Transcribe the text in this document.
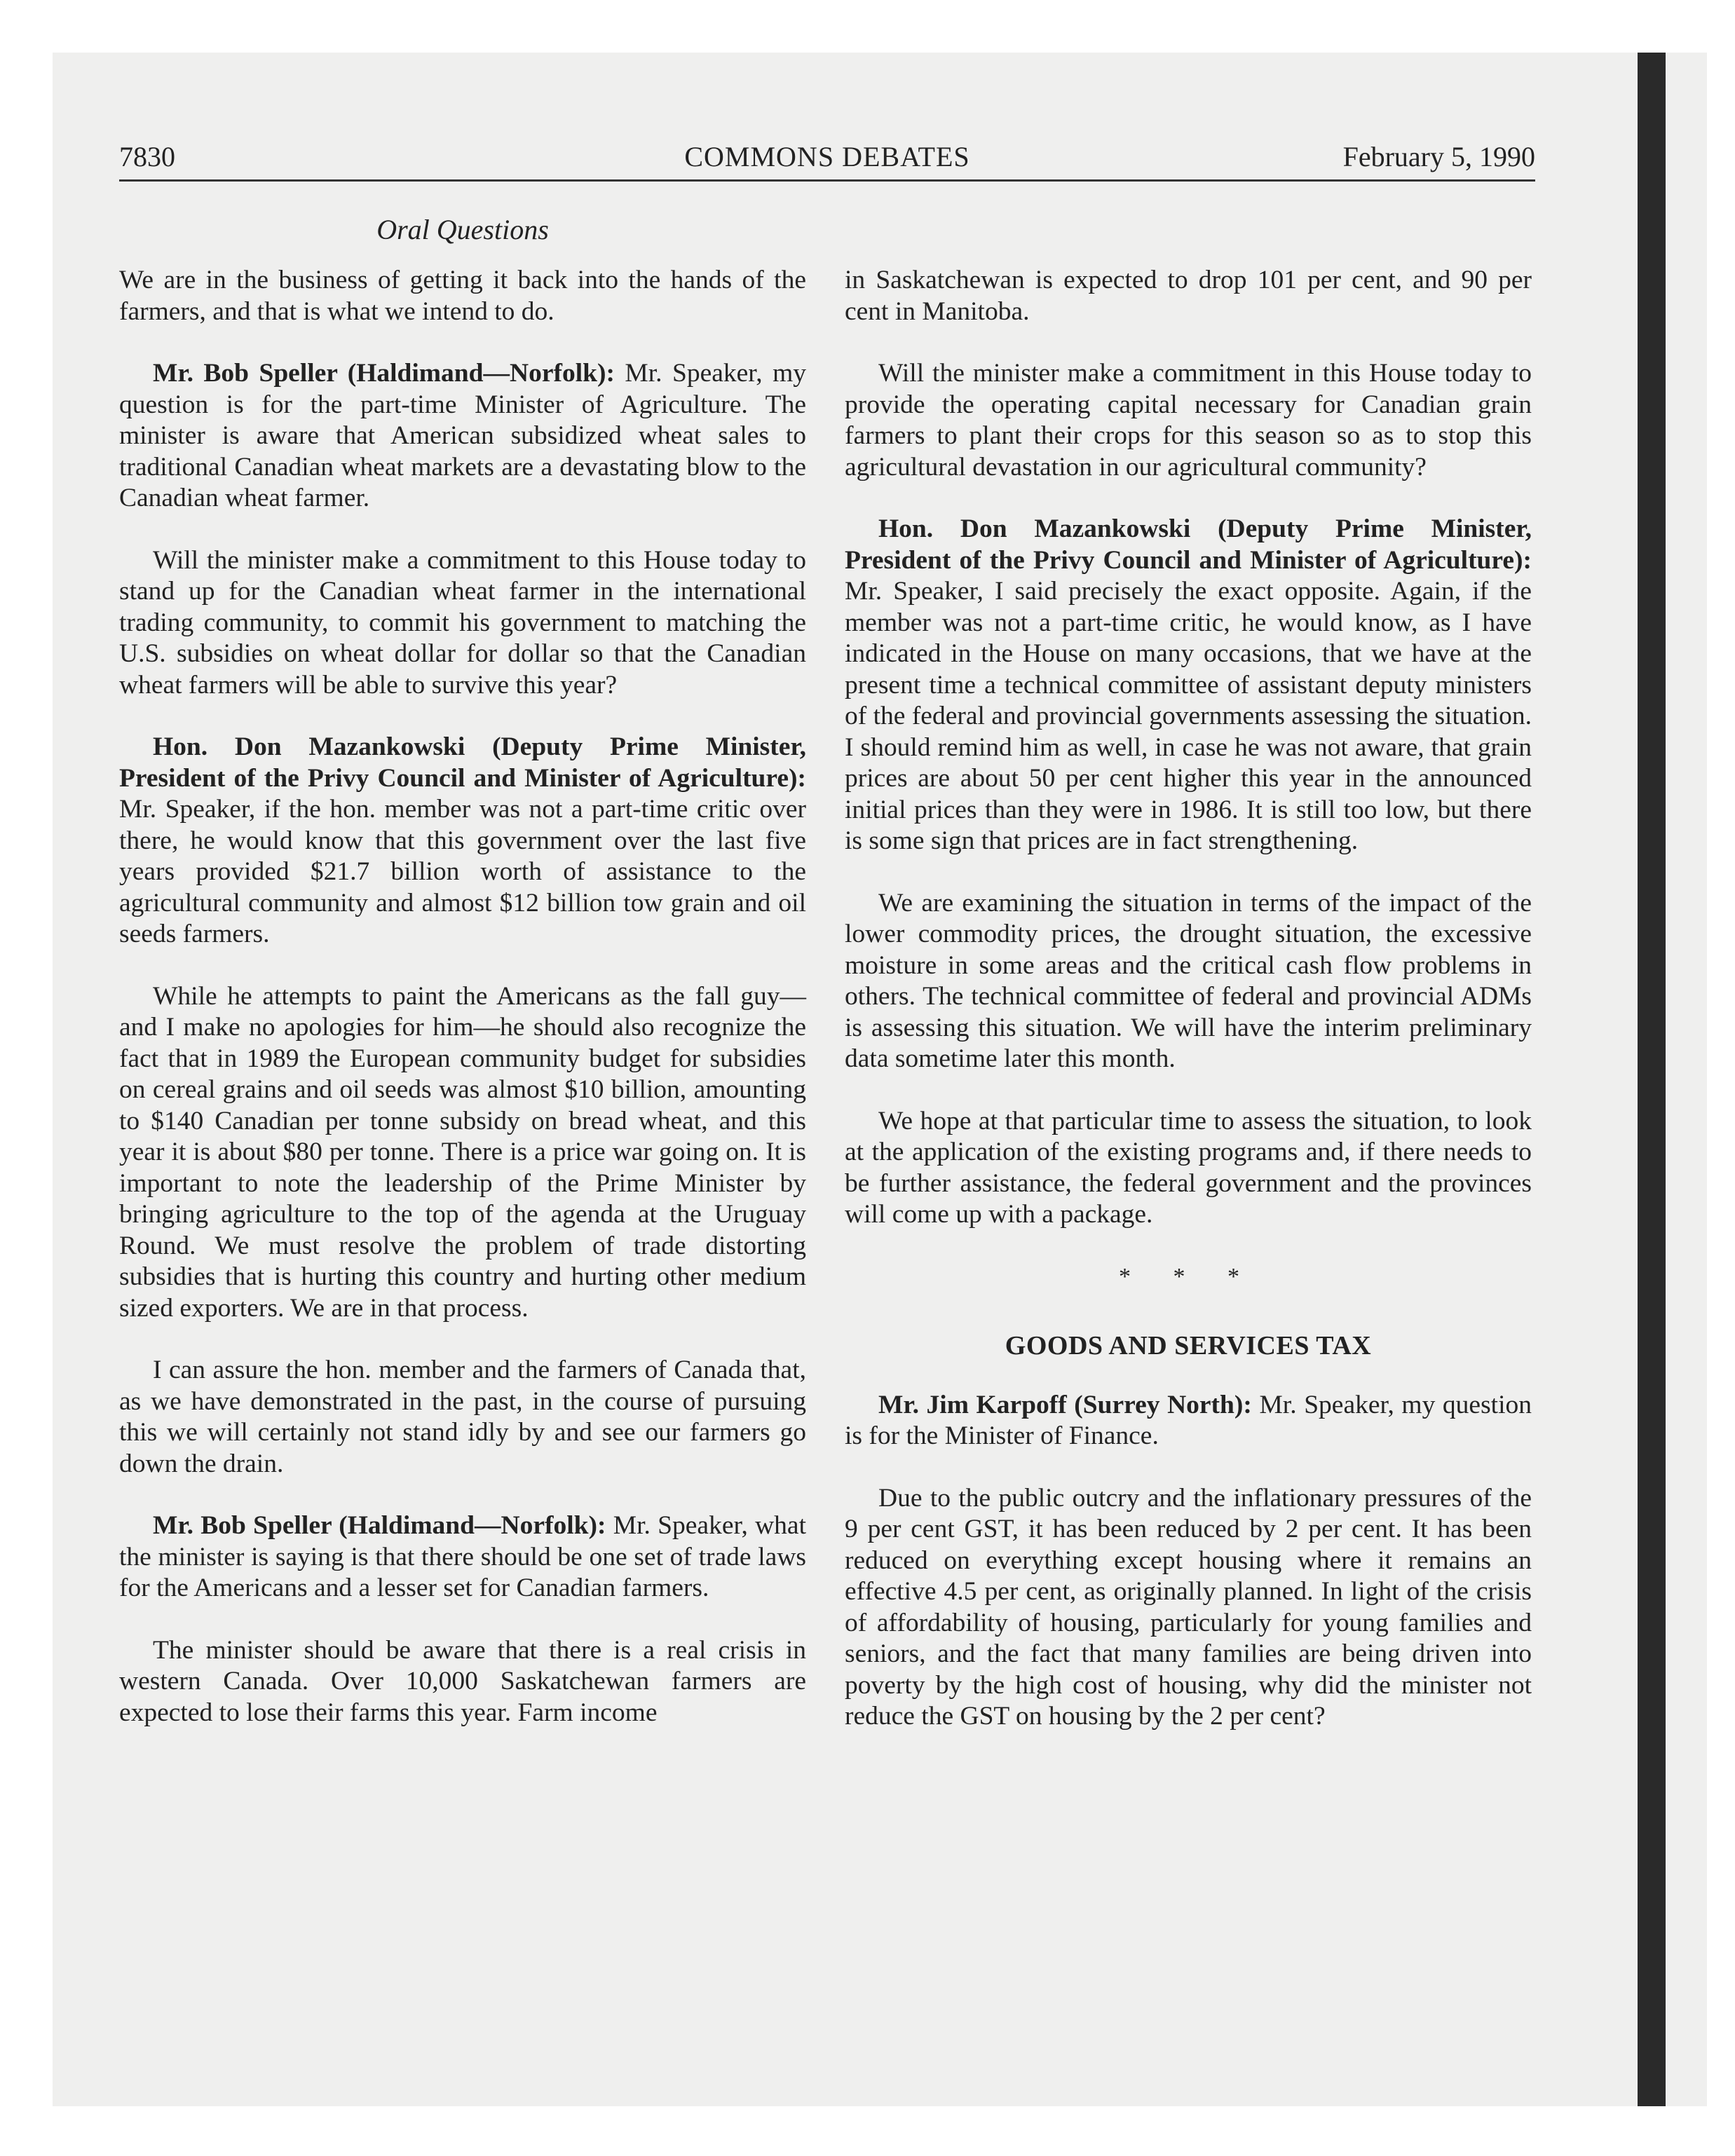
7830	COMMONS DEBATES	February 5, 1990
Oral Questions

We are in the business of getting it back into the hands of the farmers, and that is what we intend to do.

Mr. Bob Speller (Haldimand—Norfolk): Mr. Speaker, my question is for the part-time Minister of Agriculture. The minister is aware that American subsidized wheat sales to traditional Canadian wheat markets are a devastating blow to the Canadian wheat farmer.

Will the minister make a commitment to this House today to stand up for the Canadian wheat farmer in the international trading community, to commit his government to matching the U.S. subsidies on wheat dollar for dollar so that the Canadian wheat farmers will be able to survive this year?

Hon. Don Mazankowski (Deputy Prime Minister, President of the Privy Council and Minister of Agriculture): Mr. Speaker, if the hon. member was not a part-time critic over there, he would know that this government over the last five years provided $21.7 billion worth of assistance to the agricultural community and almost $12 billion tow grain and oil seeds farmers.

While he attempts to paint the Americans as the fall guy—and I make no apologies for him—he should also recognize the fact that in 1989 the European community budget for subsidies on cereal grains and oil seeds was almost $10 billion, amounting to $140 Canadian per tonne subsidy on bread wheat, and this year it is about $80 per tonne. There is a price war going on. It is important to note the leadership of the Prime Minister by bringing agriculture to the top of the agenda at the Uruguay Round. We must resolve the problem of trade distorting subsidies that is hurting this country and hurting other medium sized exporters. We are in that process.

I can assure the hon. member and the farmers of Canada that, as we have demonstrated in the past, in the course of pursuing this we will certainly not stand idly by and see our farmers go down the drain.

Mr. Bob Speller (Haldimand—Norfolk): Mr. Speaker, what the minister is saying is that there should be one set of trade laws for the Americans and a lesser set for Canadian farmers.

The minister should be aware that there is a real crisis in western Canada. Over 10,000 Saskatchewan farmers are expected to lose their farms this year. Farm income

in Saskatchewan is expected to drop 101 per cent, and 90 per cent in Manitoba.

Will the minister make a commitment in this House today to provide the operating capital necessary for Canadian grain farmers to plant their crops for this season so as to stop this agricultural devastation in our agricultural community?

Hon. Don Mazankowski (Deputy Prime Minister, President of the Privy Council and Minister of Agriculture): Mr. Speaker, I said precisely the exact opposite. Again, if the member was not a part-time critic, he would know, as I have indicated in the House on many occasions, that we have at the present time a technical committee of assistant deputy ministers of the federal and provincial governments assessing the situation. I should remind him as well, in case he was not aware, that grain prices are about 50 per cent higher this year in the announced initial prices than they were in 1986. It is still too low, but there is some sign that prices are in fact strengthening.

We are examining the situation in terms of the impact of the lower commodity prices, the drought situation, the excessive moisture in some areas and the critical cash flow problems in others. The technical committee of federal and provincial ADMs is assessing this situation. We will have the interim preliminary data sometime later this month.

We hope at that particular time to assess the situation, to look at the application of the existing programs and, if there needs to be further assistance, the federal government and the provinces will come up with a package.

* * *
GOODS AND SERVICES TAX

Mr. Jim Karpoff (Surrey North): Mr. Speaker, my question is for the Minister of Finance.

Due to the public outcry and the inflationary pressures of the 9 per cent GST, it has been reduced by 2 per cent. It has been reduced on everything except housing where it remains an effective 4.5 per cent, as originally planned. In light of the crisis of affordability of housing, particularly for young families and seniors, and the fact that many families are being driven into poverty by the high cost of housing, why did the minister not reduce the GST on housing by the 2 per cent?
